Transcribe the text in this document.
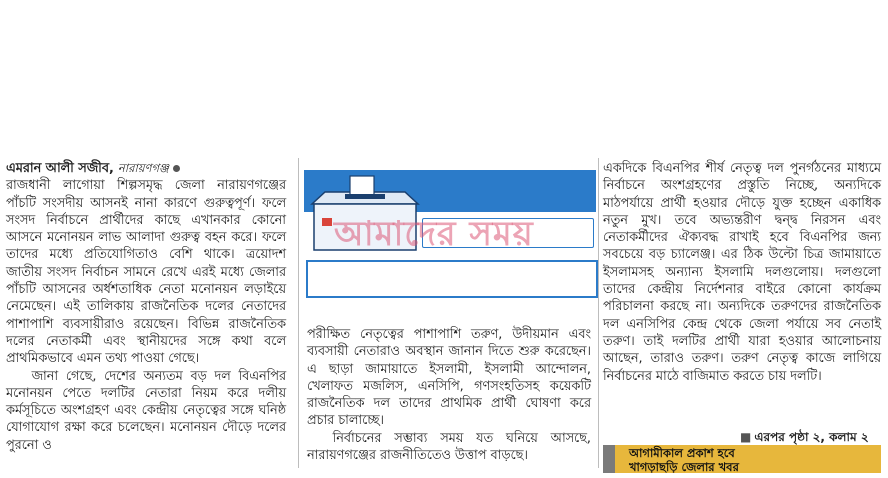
এমরান আলী সজীব, নারায়ণগঞ্জ

রাজধানী লাগোয়া শিল্পসমৃদ্ধ জেলা নারায়ণগঞ্জের পাঁচটি সংসদীয় আসনই নানা কারণে গুরুত্বপূর্ণ। ফলে সংসদ নির্বাচনে প্রার্থীদের কাছে এখানকার কোনো আসনে মনোনয়ন লাভ আলাদা গুরুত্ব বহন করে। ফলে তাদের মধ্যে প্রতিযোগিতাও বেশি থাকে। ত্রয়োদশ জাতীয় সংসদ নির্বাচন সামনে রেখে এরই মধ্যে জেলার পাঁচটি আসনের অর্ধশতাধিক নেতা মনোনয়ন লড়াইয়ে নেমেছেন। এই তালিকায় রাজনৈতিক দলের নেতাদের পাশাপাশি ব্যবসায়ীরাও রয়েছেন। বিভিন্ন রাজনৈতিক দলের নেতাকর্মী এবং স্থানীয়দের সঙ্গে কথা বলে প্রাথমিকভাবে এমন তথ্য পাওয়া গেছে।

জানা গেছে, দেশের অন্যতম বড় দল বিএনপির মনোনয়ন পেতে দলটির নেতারা নিয়ম করে দলীয় কর্মসূচিতে অংশগ্রহণ এবং কেন্দ্রীয় নেতৃত্বের সঙ্গে ঘনিষ্ঠ যোগাযোগ রক্ষা করে চলেছেন। মনোনয়ন দৌড়ে দলের পুরনো ও

আমাদের সময়

পরীক্ষিত নেতৃত্বের পাশাপাশি তরুণ, উদীয়মান এবং ব্যবসায়ী নেতারাও অবস্থান জানান দিতে শুরু করেছেন। এ ছাড়া জামায়াতে ইসলামী, ইসলামী আন্দোলন, খেলাফত মজলিস, এনসিপি, গণসংহতিসহ কয়েকটি রাজনৈতিক দল তাদের প্রাথমিক প্রার্থী ঘোষণা করে প্রচার চালাচ্ছে।

নির্বাচনের সম্ভাব্য সময় যত ঘনিয়ে আসছে, নারায়ণগঞ্জের রাজনীতিতেও উত্তাপ বাড়ছে।

একদিকে বিএনপির শীর্ষ নেতৃত্ব দল পুনর্গঠনের মাধ্যমে নির্বাচনে অংশগ্রহণের প্রস্তুতি নিচ্ছে, অন্যদিকে মাঠপর্যায়ে প্রার্থী হওয়ার দৌড়ে যুক্ত হচ্ছেন একাধিক নতুন মুখ। তবে অভ্যন্তরীণ দ্বন্দ্ব নিরসন এবং নেতাকর্মীদের ঐক্যবদ্ধ রাখাই হবে বিএনপির জন্য সবচেয়ে বড় চ্যালেঞ্জ। এর ঠিক উল্টো চিত্র জামায়াতে ইসলামসহ অন্যান্য ইসলামি দলগুলোয়। দলগুলো তাদের কেন্দ্রীয় নির্দেশনার বাইরে কোনো কার্যক্রম পরিচালনা করছে না। অন্যদিকে তরুণদের রাজনৈতিক দল এনসিপির কেন্দ্র থেকে জেলা পর্যায়ে সব নেতাই তরুণ। তাই দলটির প্রার্থী যারা হওয়ার আলোচনায় আছেন, তারাও তরুণ। তরুণ নেতৃত্ব কাজে লাগিয়ে নির্বাচনের মাঠে বাজিমাত করতে চায় দলটি।

■ এরপর পৃষ্ঠা ২, কলাম ২
আগামীকাল প্রকাশ হবে
খাগড়াছড়ি জেলার খবর
